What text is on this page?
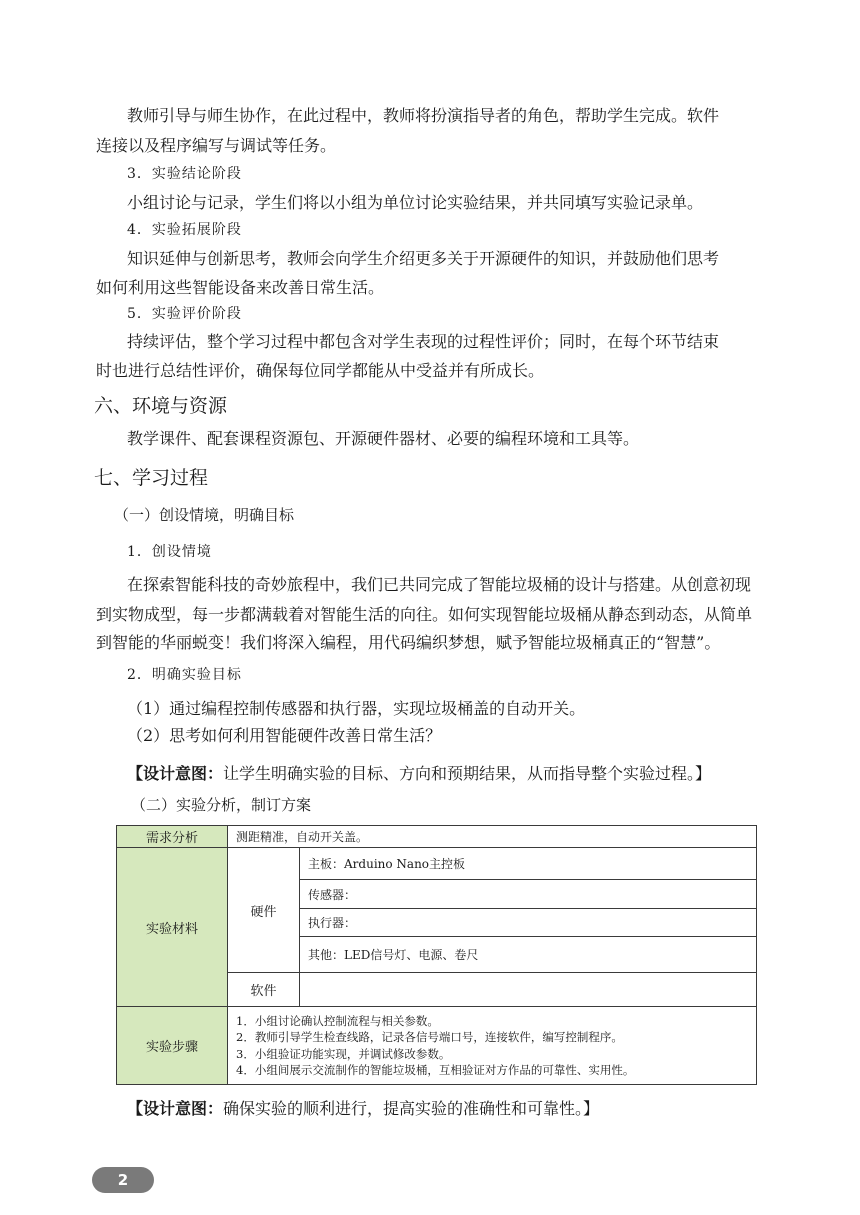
教师引导与师生协作，在此过程中，教师将扮演指导者的角色，帮助学生完成。软件
连接以及程序编写与调试等任务。
3．实验结论阶段
小组讨论与记录，学生们将以小组为单位讨论实验结果，并共同填写实验记录单。
4．实验拓展阶段
知识延伸与创新思考，教师会向学生介绍更多关于开源硬件的知识，并鼓励他们思考
如何利用这些智能设备来改善日常生活。
5．实验评价阶段
持续评估，整个学习过程中都包含对学生表现的过程性评价；同时，在每个环节结束
时也进行总结性评价，确保每位同学都能从中受益并有所成长。
六、环境与资源
教学课件、配套课程资源包、开源硬件器材、必要的编程环境和工具等。
七、学习过程
（一）创设情境，明确目标
1．创设情境
在探索智能科技的奇妙旅程中，我们已共同完成了智能垃圾桶的设计与搭建。从创意初现
到实物成型，每一步都满载着对智能生活的向往。如何实现智能垃圾桶从静态到动态，从简单
到智能的华丽蜕变！我们将深入编程，用代码编织梦想，赋予智能垃圾桶真正的“智慧”。
2．明确实验目标
（1）通过编程控制传感器和执行器，实现垃圾桶盖的自动开关。
（2）思考如何利用智能硬件改善日常生活？
【设计意图：让学生明确实验的目标、方向和预期结果，从而指导整个实验过程。】
（二）实验分析，制订方案
需求分析	测距精准，自动开关盖。	
实验材料	硬件	主板：Arduino Nano主控板
		传感器：
		执行器：
		其他：LED信号灯、电源、卷尺
	软件	
实验步骤	1．小组讨论确认控制流程与相关参数。
2．教师引导学生检查线路，记录各信号端口号，连接软件，编写控制程序。
3．小组验证功能实现，并调试修改参数。
4．小组间展示交流制作的智能垃圾桶，互相验证对方作品的可靠性、实用性。	
【设计意图：确保实验的顺利进行，提高实验的准确性和可靠性。】
2
